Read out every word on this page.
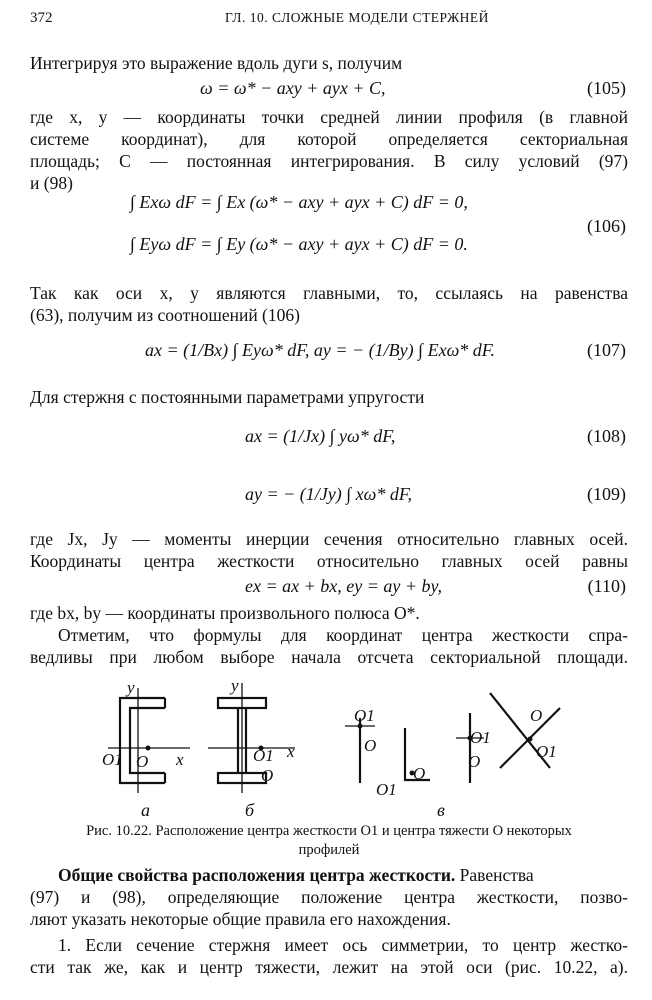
372	ГЛ. 10. СЛОЖНЫЕ МОДЕЛИ СТЕРЖНЕЙ
Интегрируя это выражение вдоль дуги s, получим
ω = ω* − axy + ayx + C,	(105)
где x, y — координаты точки средней линии профиля (в главной
системе координат), для которой определяется секториальная
площадь; C — постоянная интегрирования. В силу условий (97)
и (98)
∫ Exω dF = ∫ Ex (ω* − axy + ayx + C) dF = 0,
∫ Eyω dF = ∫ Ey (ω* − axy + ayx + C) dF = 0.
(106)
Так как оси x, y являются главными, то, ссылаясь на равенства
(63), получим из соотношений (106)
ax = (1/Bx) ∫ Eyω* dF, ay = − (1/By) ∫ Exω* dF.	(107)
Для стержня с постоянными параметрами упругости
ax = (1/Jx) ∫ yω* dF,	(108)
ay = − (1/Jy) ∫ xω* dF,	(109)
где Jx, Jy — моменты инерции сечения относительно главных осей.
Координаты центра жесткости относительно главных осей равны
ex = ax + bx, ey = ay + by,	(110)
где bx, by — координаты произвольного полюса O*.
Отметим, что формулы для координат центра жесткости спра-
ведливы при любом выборе начала отсчета секториальной площади.
y	y
x	x
O1 O	O1
O
O1
O
O1
O
O1
O
O
O1
а	б	в
Рис. 10.22. Расположение центра жесткости O1 и центра тяжести O некоторых
профилей
Общие свойства расположения центра жесткости. Равенства
(97) и (98), определяющие положение центра жесткости, позво-
ляют указать некоторые общие правила его нахождения.
1. Если сечение стержня имеет ось симметрии, то центр жестко-
сти так же, как и центр тяжести, лежит на этой оси (рис. 10.22, а).
